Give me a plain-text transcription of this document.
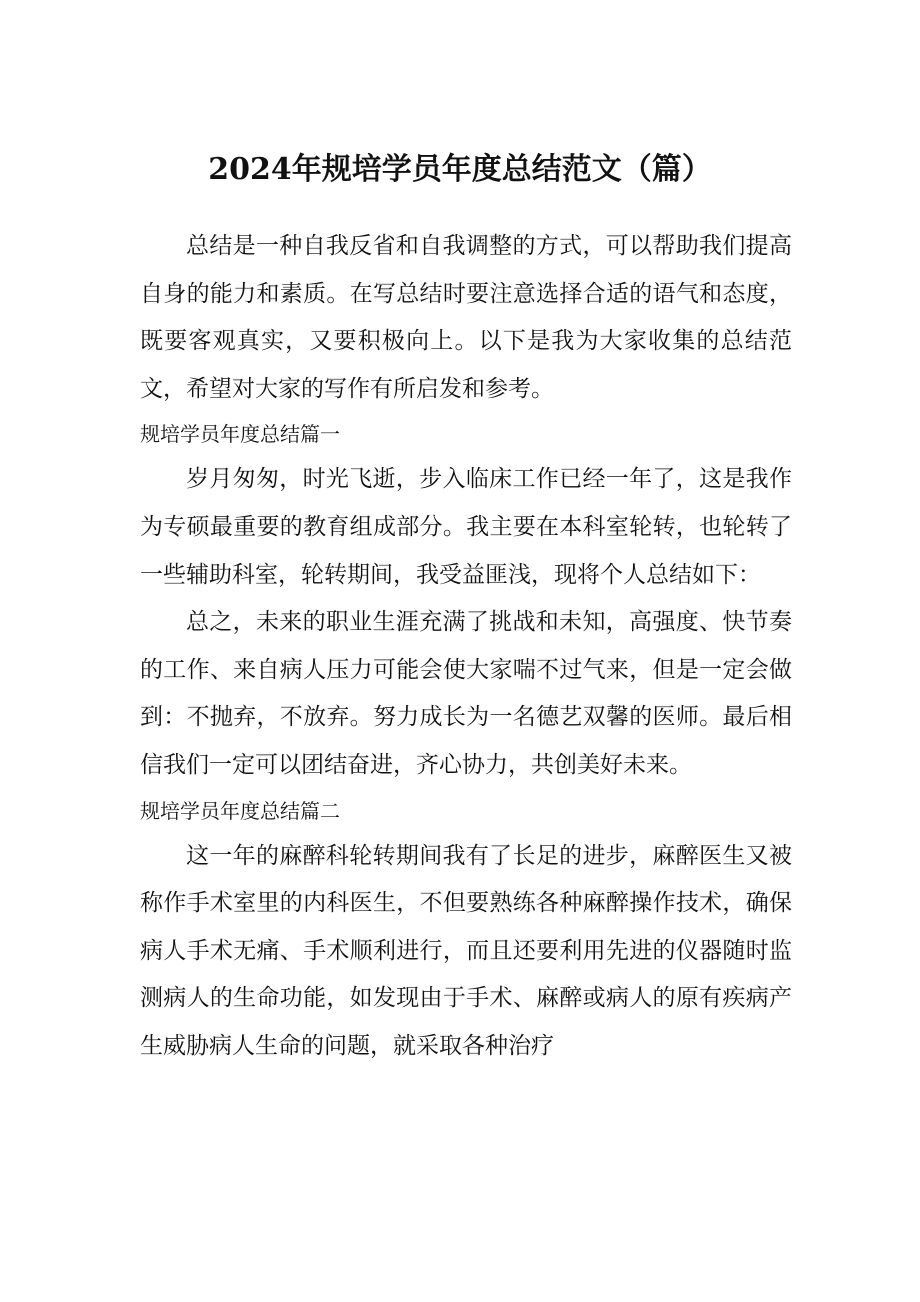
2024年规培学员年度总结范文（篇）

总结是一种自我反省和自我调整的方式，可以帮助我们提高自身的能力和素质。在写总结时要注意选择合适的语气和态度，既要客观真实，又要积极向上。以下是我为大家收集的总结范文，希望对大家的写作有所启发和参考。

规培学员年度总结篇一

岁月匆匆，时光飞逝，步入临床工作已经一年了，这是我作为专硕最重要的教育组成部分。我主要在本科室轮转，也轮转了一些辅助科室，轮转期间，我受益匪浅，现将个人总结如下：

总之，未来的职业生涯充满了挑战和未知，高强度、快节奏的工作、来自病人压力可能会使大家喘不过气来，但是一定会做到：不抛弃，不放弃。努力成长为一名德艺双馨的医师。最后相信我们一定可以团结奋进，齐心协力，共创美好未来。

规培学员年度总结篇二

这一年的麻醉科轮转期间我有了长足的进步，麻醉医生又被称作手术室里的内科医生，不但要熟练各种麻醉操作技术，确保病人手术无痛、手术顺利进行，而且还要利用先进的仪器随时监测病人的生命功能，如发现由于手术、麻醉或病人的原有疾病产生威胁病人生命的问题，就采取各种治疗
